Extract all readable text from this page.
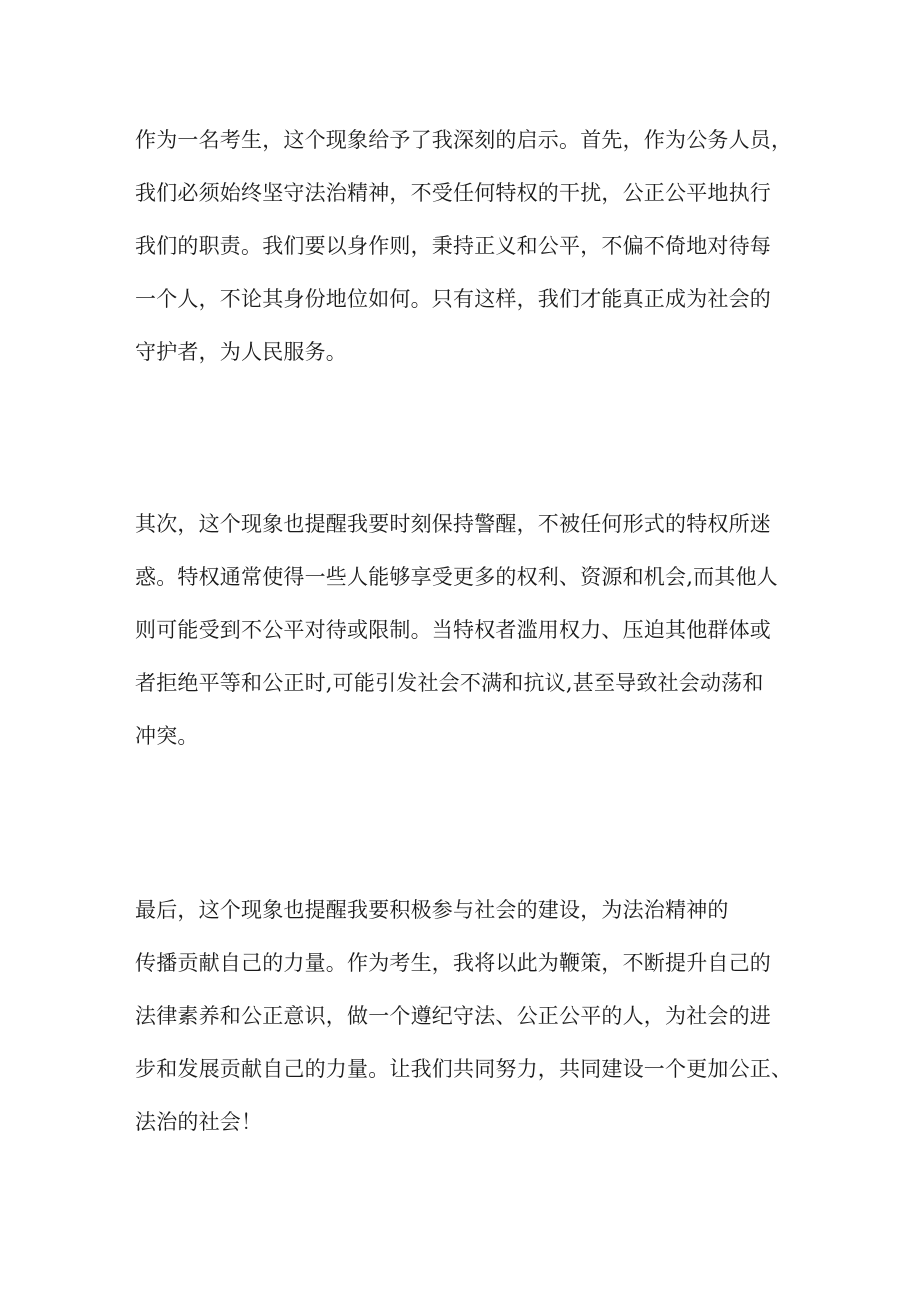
作为一名考生，这个现象给予了我深刻的启示。首先，作为公务人员，
我们必须始终坚守法治精神，不受任何特权的干扰，公正公平地执行
我们的职责。我们要以身作则，秉持正义和公平，不偏不倚地对待每
一个人，不论其身份地位如何。只有这样，我们才能真正成为社会的
守护者，为人民服务。

其次，这个现象也提醒我要时刻保持警醒，不被任何形式的特权所迷
惑。特权通常使得一些人能够享受更多的权利、资源和机会,而其他人
则可能受到不公平对待或限制。当特权者滥用权力、压迫其他群体或
者拒绝平等和公正时,可能引发社会不满和抗议,甚至导致社会动荡和
冲突。

最后，这个现象也提醒我要积极参与社会的建设，为法治精神的
传播贡献自己的力量。作为考生，我将以此为鞭策，不断提升自己的
法律素养和公正意识，做一个遵纪守法、公正公平的人，为社会的进
步和发展贡献自己的力量。让我们共同努力，共同建设一个更加公正、
法治的社会！
